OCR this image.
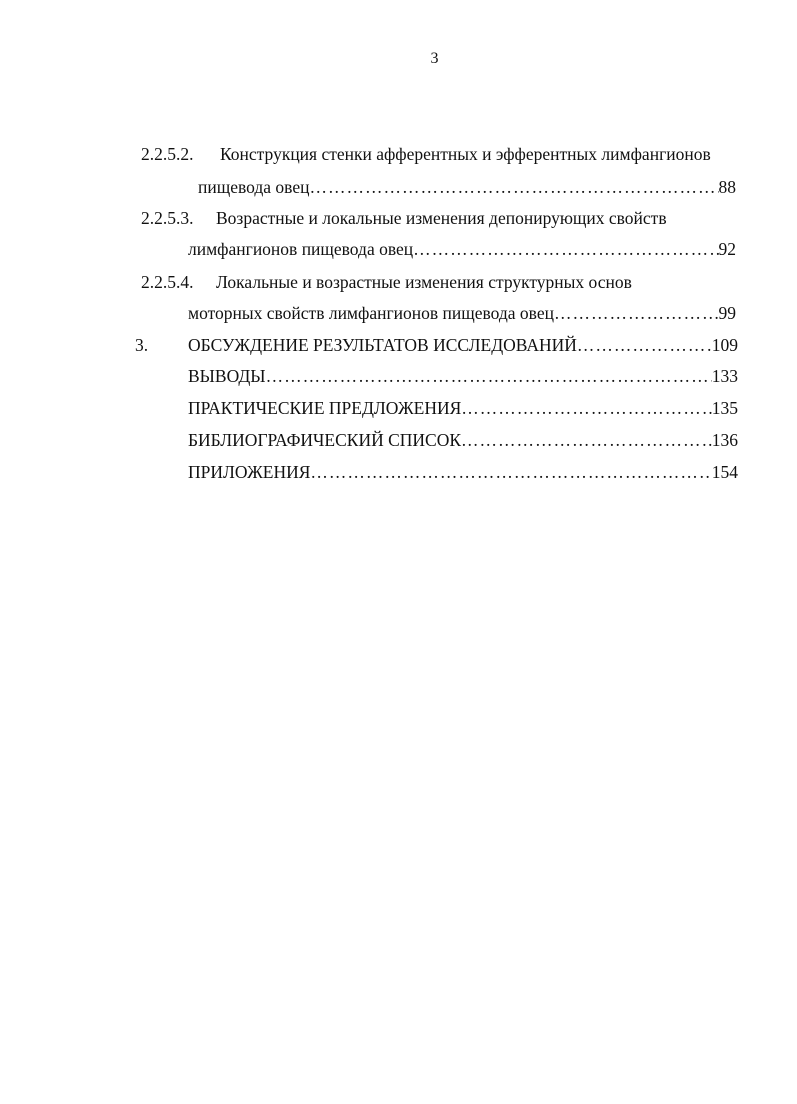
3
2.2.5.2. Конструкция стенки афферентных и эфферентных лимфангионов
пищевода овец ……………………………………………………………………………………………………………………………………	88
2.2.5.3. Возрастные и локальные изменения депонирующих свойств
лимфангионов пищевода овец ……………………………………………………………………………………………………………………………………	92
2.2.5.4. Локальные и возрастные изменения структурных основ
моторных свойств лимфангионов пищевода овец ……………………………………………………………………………………………………………………………………	99
3. ОБСУЖДЕНИЕ РЕЗУЛЬТАТОВ ИССЛЕДОВАНИЙ ……………………………………………………………………………………………………………………………………	109
ВЫВОДЫ ……………………………………………………………………………………………………………………………………	133
ПРАКТИЧЕСКИЕ ПРЕДЛОЖЕНИЯ ……………………………………………………………………………………………………………………………………	135
БИБЛИОГРАФИЧЕСКИЙ СПИСОК ……………………………………………………………………………………………………………………………………	136
ПРИЛОЖЕНИЯ ……………………………………………………………………………………………………………………………………	154
